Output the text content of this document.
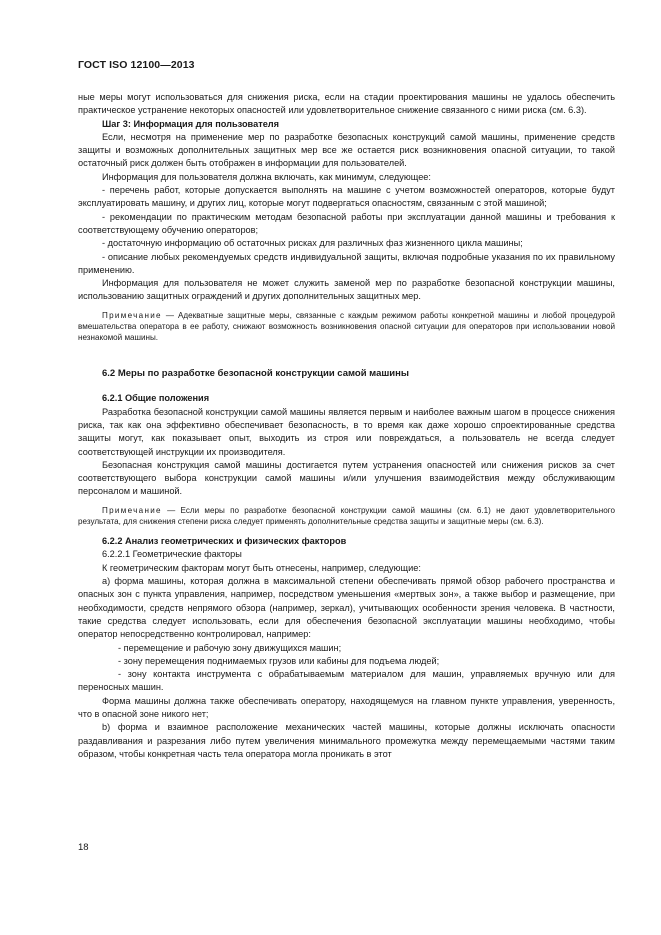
ГОСТ ISO 12100—2013

ные меры могут использоваться для снижения риска, если на стадии проектирования машины не удалось обеспечить практическое устранение некоторых опасностей или удовлетворительное снижение связанного с ними риска (см. 6.3).

Шаг 3: Информация для пользователя

Если, несмотря на применение мер по разработке безопасных конструкций самой машины, применение средств защиты и возможных дополнительных защитных мер все же остается риск возникновения опасной ситуации, то такой остаточный риск должен быть отображен в информации для пользователей.

Информация для пользователя должна включать, как минимум, следующее:

- перечень работ, которые допускается выполнять на машине с учетом возможностей операторов, которые будут эксплуатировать машину, и других лиц, которые могут подвергаться опасностям, связанным с этой машиной;

- рекомендации по практическим методам безопасной работы при эксплуатации данной машины и требования к соответствующему обучению операторов;

- достаточную информацию об остаточных рисках для различных фаз жизненного цикла машины;

- описание любых рекомендуемых средств индивидуальной защиты, включая подробные указания по их правильному применению.

Информация для пользователя не может служить заменой мер по разработке безопасной конструкции машины, использованию защитных ограждений и других дополнительных защитных мер.

Примечание — Адекватные защитные меры, связанные с каждым режимом работы конкретной машины и любой процедурой вмешательства оператора в ее работу, снижают возможность возникновения опасной ситуации для операторов при использовании новой незнакомой машины.

6.2 Меры по разработке безопасной конструкции самой машины
6.2.1 Общие положения

Разработка безопасной конструкции самой машины является первым и наиболее важным шагом в процессе снижения риска, так как она эффективно обеспечивает безопасность, в то время как даже хорошо спроектированные средства защиты могут, как показывает опыт, выходить из строя или повреждаться, а пользователь не всегда следует соответствующей инструкции их производителя.

Безопасная конструкция самой машины достигается путем устранения опасностей или снижения рисков за счет соответствующего выбора конструкции самой машины и/или улучшения взаимодействия между обслуживающим персоналом и машиной.

Примечание — Если меры по разработке безопасной конструкции самой машины (см. 6.1) не дают удовлетворительного результата, для снижения степени риска следует применять дополнительные средства защиты и защитные меры (см. 6.3).

6.2.2 Анализ геометрических и физических факторов

6.2.2.1 Геометрические факторы

К геометрическим факторам могут быть отнесены, например, следующие:

а) форма машины, которая должна в максимальной степени обеспечивать прямой обзор рабочего пространства и опасных зон с пункта управления, например, посредством уменьшения «мертвых зон», а также выбор и размещение, при необходимости, средств непрямого обзора (например, зеркал), учитывающих особенности зрения человека. В частности, такие средства следует использовать, если для обеспечения безопасной эксплуатации машины необходимо, чтобы оператор непосредственно контролировал, например:

- перемещение и рабочую зону движущихся машин;

- зону перемещения поднимаемых грузов или кабины для подъема людей;

- зону контакта инструмента с обрабатываемым материалом для машин, управляемых вручную или для переносных машин.

Форма машины должна также обеспечивать оператору, находящемуся на главном пункте управления, уверенность, что в опасной зоне никого нет;

b) форма и взаимное расположение механических частей машины, которые должны исключать опасности раздавливания и разрезания либо путем увеличения минимального промежутка между перемещаемыми частями таким образом, чтобы конкретная часть тела оператора могла проникать в этот

18
